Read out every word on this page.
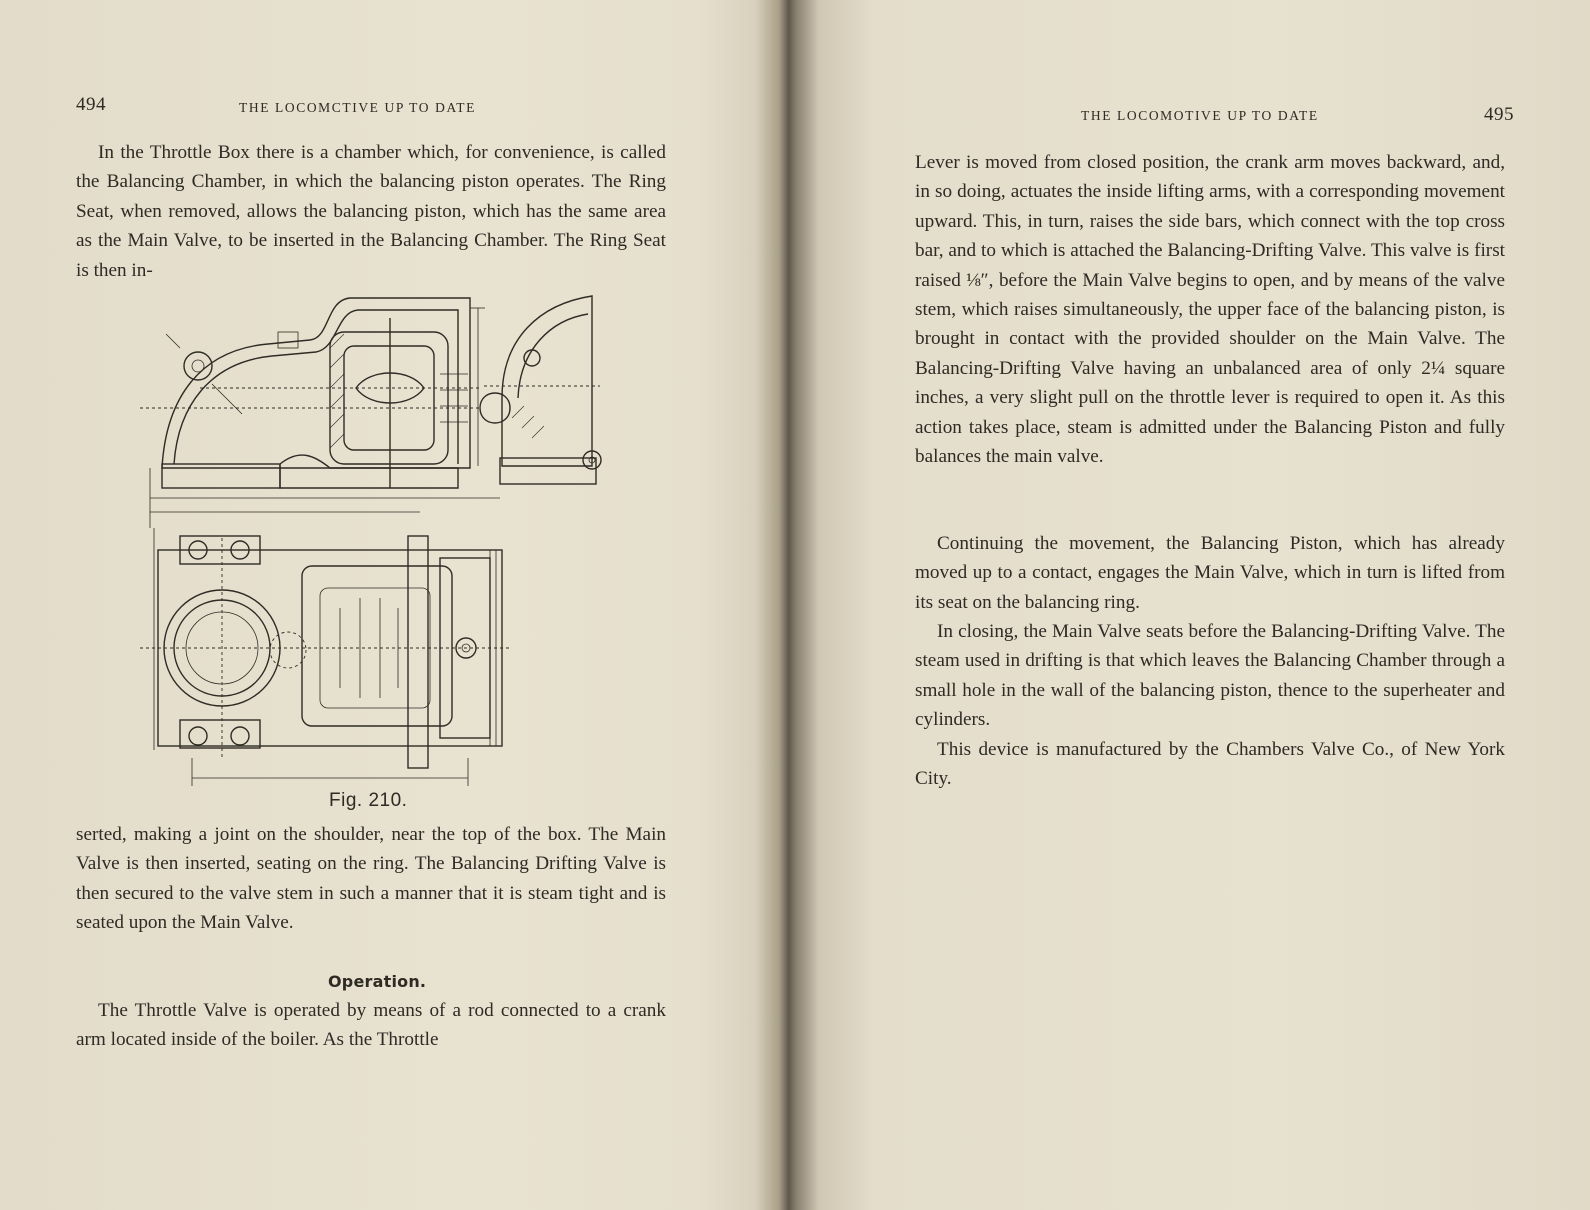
494	THE LOCOMCTIVE UP TO DATE

In the Throttle Box there is a chamber which, for convenience, is called the Balancing Chamber, in which the balancing piston operates. The Ring Seat, when removed, allows the balancing piston, which has the same area as the Main Valve, to be inserted in the Balancing Chamber. The Ring Seat is then in-

Fig. 210.

serted, making a joint on the shoulder, near the top of the box. The Main Valve is then inserted, seating on the ring. The Balancing Drifting Valve is then secured to the valve stem in such a manner that it is steam tight and is seated upon the Main Valve.

Operation.

The Throttle Valve is operated by means of a rod connected to a crank arm located inside of the boiler. As the Throttle

THE LOCOMOTIVE UP TO DATE	495

Lever is moved from closed position, the crank arm moves backward, and, in so doing, actuates the inside lifting arms, with a corresponding movement upward. This, in turn, raises the side bars, which connect with the top cross bar, and to which is attached the Balancing-Drifting Valve. This valve is first raised ⅛″, before the Main Valve begins to open, and by means of the valve stem, which raises simultaneously, the upper face of the balancing piston, is brought in contact with the provided shoulder on the Main Valve. The Balancing-Drifting Valve having an unbalanced area of only 2¼ square inches, a very slight pull on the throttle lever is required to open it. As this action takes place, steam is admitted under the Balancing Piston and fully balances the main valve.

Continuing the movement, the Balancing Piston, which has already moved up to a contact, engages the Main Valve, which in turn is lifted from its seat on the balancing ring.

In closing, the Main Valve seats before the Balancing-Drifting Valve. The steam used in drifting is that which leaves the Balancing Chamber through a small hole in the wall of the balancing piston, thence to the superheater and cylinders.

This device is manufactured by the Chambers Valve Co., of New York City.
